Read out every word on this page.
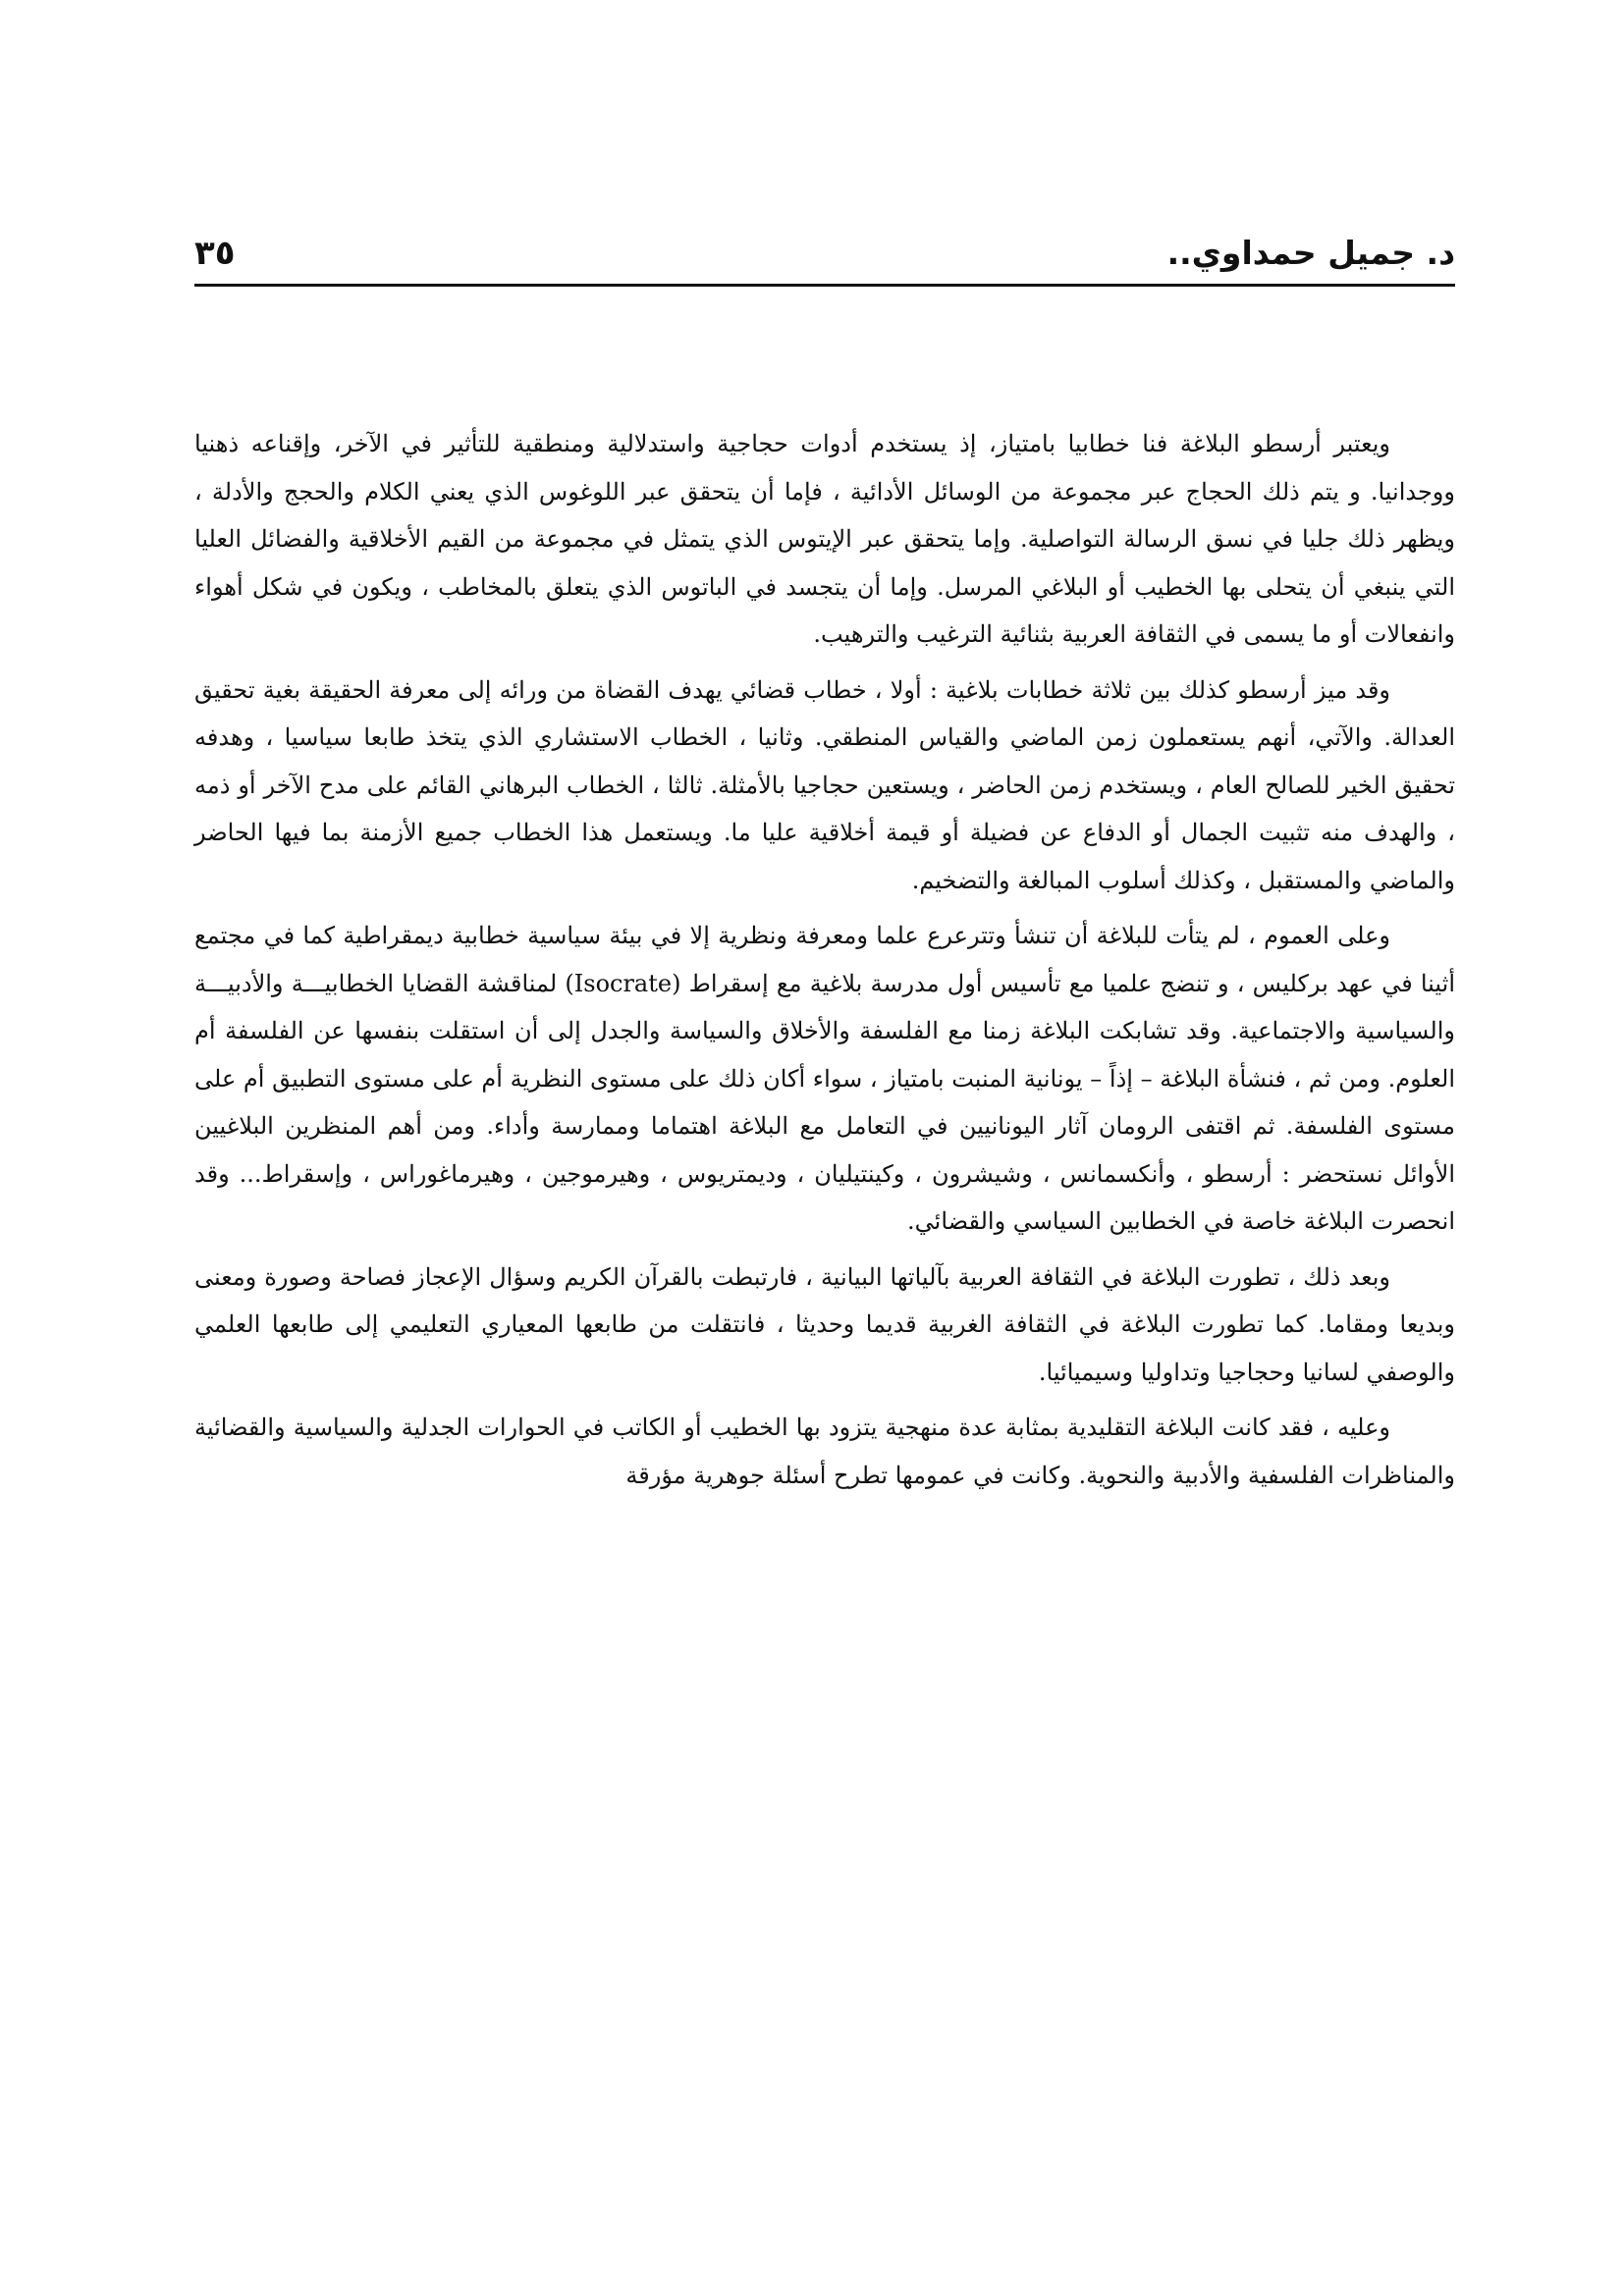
د. جميل حمداوي..
٣٥

ويعتبر أرسطو البلاغة فنا خطابيا بامتياز، إذ يستخدم أدوات حجاجية واستدلالية ومنطقية للتأثير في الآخر، وإقناعه ذهنيا ووجدانيا. و يتم ذلك الحجاج عبر مجموعة من الوسائل الأدائية ، فإما أن يتحقق عبر اللوغوس الذي يعني الكلام والحجج والأدلة ، ويظهر ذلك جليا في نسق الرسالة التواصلية. وإما يتحقق عبر الإيتوس الذي يتمثل في مجموعة من القيم الأخلاقية والفضائل العليا التي ينبغي أن يتحلى بها الخطيب أو البلاغي المرسل. وإما أن يتجسد في الباتوس الذي يتعلق بالمخاطب ، ويكون في شكل أهواء وانفعالات أو ما يسمى في الثقافة العربية بثنائية الترغيب والترهيب.

وقد ميز أرسطو كذلك بين ثلاثة خطابات بلاغية : أولا ، خطاب قضائي يهدف القضاة من ورائه إلى معرفة الحقيقة بغية تحقيق العدالة. والآتي، أنهم يستعملون زمن الماضي والقياس المنطقي. وثانيا ، الخطاب الاستشاري الذي يتخذ طابعا سياسيا ، وهدفه تحقيق الخير للصالح العام ، ويستخدم زمن الحاضر ، ويستعين حجاجيا بالأمثلة. ثالثا ، الخطاب البرهاني القائم على مدح الآخر أو ذمه ، والهدف منه تثبيت الجمال أو الدفاع عن فضيلة أو قيمة أخلاقية عليا ما. ويستعمل هذا الخطاب جميع الأزمنة بما فيها الحاضر والماضي والمستقبل ، وكذلك أسلوب المبالغة والتضخيم.

وعلى العموم ، لم يتأت للبلاغة أن تنشأ وتترعرع علما ومعرفة ونظرية إلا في بيئة سياسية خطابية ديمقراطية كما في مجتمع أثينا في عهد بركليس ، و تنضج علميا مع تأسيس أول مدرسة بلاغية مع إسقراط (Isocrate) لمناقشة القضايا الخطابيـــة والأدبيـــة والسياسية والاجتماعية. وقد تشابكت البلاغة زمنا مع الفلسفة والأخلاق والسياسة والجدل إلى أن استقلت بنفسها عن الفلسفة أم العلوم. ومن ثم ، فنشأة البلاغة – إذاً – يونانية المنبت بامتياز ، سواء أكان ذلك على مستوى النظرية أم على مستوى التطبيق أم على مستوى الفلسفة. ثم اقتفى الرومان آثار اليونانيين في التعامل مع البلاغة اهتماما وممارسة وأداء. ومن أهم المنظرين البلاغيين الأوائل نستحضر : أرسطو ، وأنكسمانس ، وشيشرون ، وكينتيليان ، وديمتريوس ، وهيرموجين ، وهيرماغوراس ، وإسقراط... وقد انحصرت البلاغة خاصة في الخطابين السياسي والقضائي.

وبعد ذلك ، تطورت البلاغة في الثقافة العربية بآلياتها البيانية ، فارتبطت بالقرآن الكريم وسؤال الإعجاز فصاحة وصورة ومعنى وبديعا ومقاما. كما تطورت البلاغة في الثقافة الغربية قديما وحديثا ، فانتقلت من طابعها المعياري التعليمي إلى طابعها العلمي والوصفي لسانيا وحجاجيا وتداوليا وسيميائيا.

وعليه ، فقد كانت البلاغة التقليدية بمثابة عدة منهجية يتزود بها الخطيب أو الكاتب في الحوارات الجدلية والسياسية والقضائية والمناظرات الفلسفية والأدبية والنحوية. وكانت في عمومها تطرح أسئلة جوهرية مؤرقة
